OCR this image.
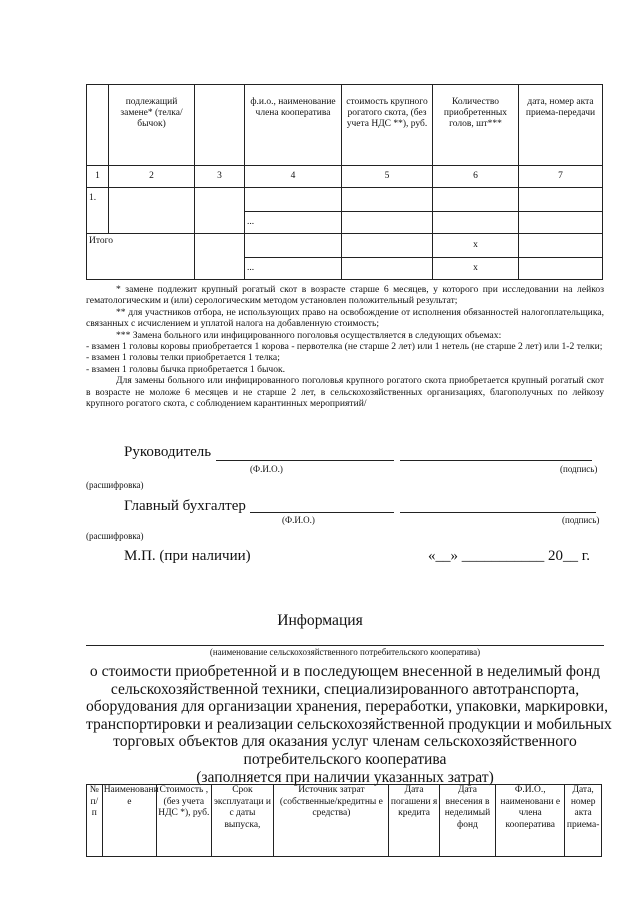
	подлежащий замене* (телка/бычок)		ф.и.о., наименование члена кооператива	стоимость крупного рогатого скота, (без учета НДС **), руб.	Количество приобретенных голов, шт***	дата, номер акта приема-передачи	
1	2	3	4	5	6	7	
1.							
			...				
Итого					х		
			...		х		

* замене подлежит крупный рогатый скот в возрасте старше 6 месяцев, у которого при исследовании на лейкоз гематологическим и (или) серологическим методом установлен положительный результат;

** для участников отбора, не использующих право на освобождение от исполнения обязанностей налогоплательщика, связанных с исчислением и уплатой налога на добавленную стоимость;

*** Замена больного или инфицированного поголовья осуществляется в следующих объемах:

- взамен 1 головы коровы приобретается 1 корова - первотелка (не старше 2 лет) или 1 нетель (не старше 2 лет) или 1-2 телки;

- взамен 1 головы телки приобретается 1 телка;

- взамен 1 головы бычка приобретается 1 бычок.

Для замены больного или инфицированного поголовья крупного рогатого скота приобретается крупный рогатый скот в возрасте не моложе 6 месяцев и не старше 2 лет, в сельскохозяйственных организациях, благополучных по лейкозу крупного рогатого скота, с соблюдением карантинных мероприятий/

Руководитель
(Ф.И.О.)	(подпись)
(расшифровка)
Главный бухгалтер
(Ф.И.О.)	(подпись)
(расшифровка)
М.П. (при наличии)	«__» ___________ 20__ г.
Информация
(наименование сельскохозяйственного потребительского кооператива)
о стоимости приобретенной и в последующем внесенной в неделимый фонд
сельскохозяйственной техники, специализированного автотранспорта,
оборудования для организации хранения, переработки, упаковки, маркировки,
транспортировки и реализации сельскохозяйственной продукции и мобильных
торговых объектов для оказания услуг членам сельскохозяйственного
потребительского кооператива
(заполняется при наличии указанных затрат)
№ п/п	Наименовани е	Стоимость , (без учета НДС *), руб.	Срок эксплуатаци и с даты выпуска,	Источник затрат (собственные/кредитны е средства)	Дата погашени я кредита	Дата внесения в неделимый фонд	Ф.И.О., наименовани е члена кооператива	Дата, номер акта приема-
